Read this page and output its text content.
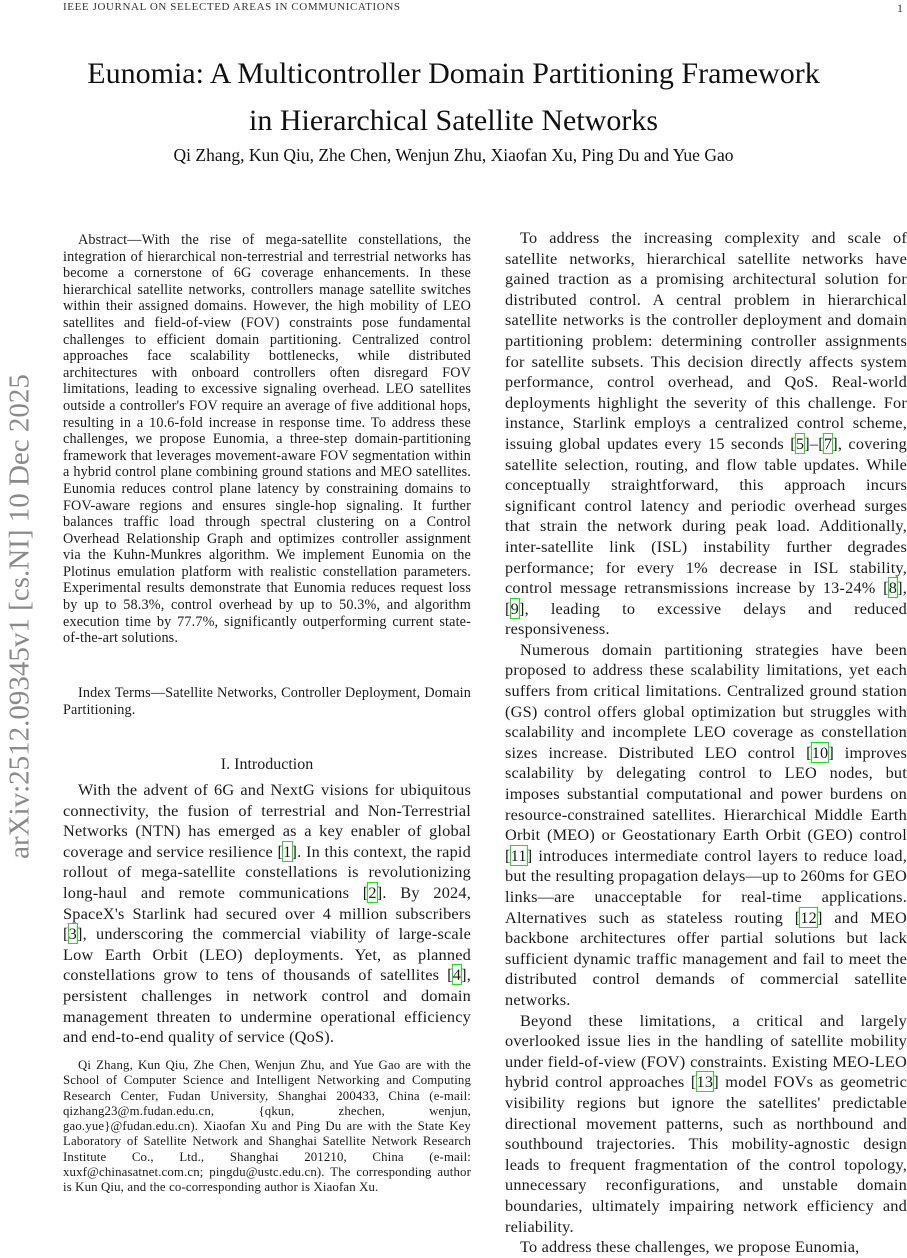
IEEE JOURNAL ON SELECTED AREAS IN COMMUNICATIONS	1
Eunomia: A Multicontroller Domain Partitioning Framework
in Hierarchical Satellite Networks
Qi Zhang, Kun Qiu, Zhe Chen, Wenjun Zhu, Xiaofan Xu, Ping Du and Yue Gao
arXiv:2512.09345v1 [cs.NI] 10 Dec 2025

Abstract—With the rise of mega-satellite constellations, the integration of hierarchical non-terrestrial and terrestrial networks has become a cornerstone of 6G coverage enhancements. In these hierarchical satellite networks, controllers manage satellite switches within their assigned domains. However, the high mobility of LEO satellites and field-of-view (FOV) constraints pose fundamental challenges to efficient domain partitioning. Centralized control approaches face scalability bottlenecks, while distributed architectures with onboard controllers often disregard FOV limitations, leading to excessive signaling overhead. LEO satellites outside a controller's FOV require an average of five additional hops, resulting in a 10.6-fold increase in response time. To address these challenges, we propose Eunomia, a three-step domain-partitioning framework that leverages movement-aware FOV segmentation within a hybrid control plane combining ground stations and MEO satellites. Eunomia reduces control plane latency by constraining domains to FOV-aware regions and ensures single-hop signaling. It further balances traffic load through spectral clustering on a Control Overhead Relationship Graph and optimizes controller assignment via the Kuhn-Munkres algorithm. We implement Eunomia on the Plotinus emulation platform with realistic constellation parameters. Experimental results demonstrate that Eunomia reduces request loss by up to 58.3%, control overhead by up to 50.3%, and algorithm execution time by 77.7%, significantly outperforming current state-of-the-art solutions.

Index Terms—Satellite Networks, Controller Deployment, Domain Partitioning.

I. Introduction

With the advent of 6G and NextG visions for ubiquitous connectivity, the fusion of terrestrial and Non-Terrestrial Networks (NTN) has emerged as a key enabler of global coverage and service resilience [1]. In this context, the rapid rollout of mega-satellite constellations is revolutionizing long-haul and remote communications [2]. By 2024, SpaceX's Starlink had secured over 4 million subscribers [3], underscoring the commercial viability of large-scale Low Earth Orbit (LEO) deployments. Yet, as planned constellations grow to tens of thousands of satellites [4], persistent challenges in network control and domain management threaten to undermine operational efficiency and end-to-end quality of service (QoS).

Qi Zhang, Kun Qiu, Zhe Chen, Wenjun Zhu, and Yue Gao are with the School of Computer Science and Intelligent Networking and Computing Research Center, Fudan University, Shanghai 200433, China (e-mail: qizhang23@m.fudan.edu.cn, {qkun, zhechen, wenjun, gao.yue}@fudan.edu.cn). Xiaofan Xu and Ping Du are with the State Key Laboratory of Satellite Network and Shanghai Satellite Network Research Institute Co., Ltd., Shanghai 201210, China (e-mail: xuxf@chinasatnet.com.cn; pingdu@ustc.edu.cn). The corresponding author is Kun Qiu, and the co-corresponding author is Xiaofan Xu.

To address the increasing complexity and scale of satellite networks, hierarchical satellite networks have gained traction as a promising architectural solution for distributed control. A central problem in hierarchical satellite networks is the controller deployment and domain partitioning problem: determining controller assignments for satellite subsets. This decision directly affects system performance, control overhead, and QoS. Real-world deployments highlight the severity of this challenge. For instance, Starlink employs a centralized control scheme, issuing global updates every 15 seconds [5]–[7], covering satellite selection, routing, and flow table updates. While conceptually straightforward, this approach incurs significant control latency and periodic overhead surges that strain the network during peak load. Additionally, inter-satellite link (ISL) instability further degrades performance; for every 1% decrease in ISL stability, control message retransmissions increase by 13-24% [8], [9], leading to excessive delays and reduced responsiveness.

Numerous domain partitioning strategies have been proposed to address these scalability limitations, yet each suffers from critical limitations. Centralized ground station (GS) control offers global optimization but struggles with scalability and incomplete LEO coverage as constellation sizes increase. Distributed LEO control [10] improves scalability by delegating control to LEO nodes, but imposes substantial computational and power burdens on resource-constrained satellites. Hierarchical Middle Earth Orbit (MEO) or Geostationary Earth Orbit (GEO) control [11] introduces intermediate control layers to reduce load, but the resulting propagation delays—up to 260ms for GEO links—are unacceptable for real-time applications. Alternatives such as stateless routing [12] and MEO backbone architectures offer partial solutions but lack sufficient dynamic traffic management and fail to meet the distributed control demands of commercial satellite networks.

Beyond these limitations, a critical and largely overlooked issue lies in the handling of satellite mobility under field-of-view (FOV) constraints. Existing MEO-LEO hybrid control approaches [13] model FOVs as geometric visibility regions but ignore the satellites' predictable directional movement patterns, such as northbound and southbound trajectories. This mobility-agnostic design leads to frequent fragmentation of the control topology, unnecessary reconfigurations, and unstable domain boundaries, ultimately impairing network efficiency and reliability.

To address these challenges, we propose Eunomia,
